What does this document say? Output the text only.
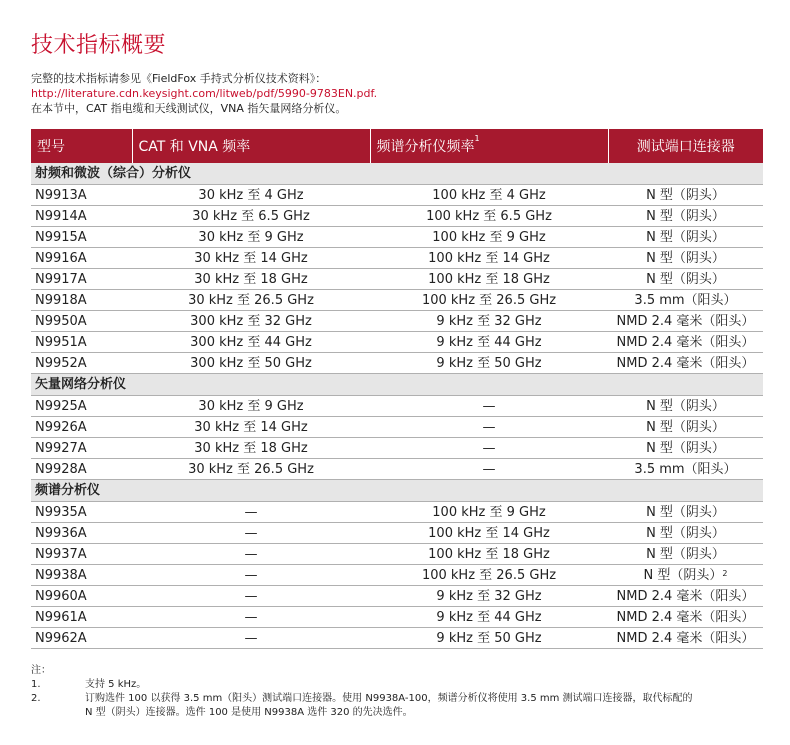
技术指标概要
完整的技术指标请参见《FieldFox 手持式分析仪技术资料》：
http://literature.cdn.keysight.com/litweb/pdf/5990-9783EN.pdf.
在本节中，CAT 指电缆和天线测试仪，VNA 指矢量网络分析仪。
型号	CAT 和 VNA 频率	频谱分析仪频率$^1$	测试端口连接器
射频和微波（综合）分析仪			
N9913A	30 kHz 至 4 GHz	100 kHz 至 4 GHz	N 型（阴头）
N9914A	30 kHz 至 6.5 GHz	100 kHz 至 6.5 GHz	N 型（阴头）
N9915A	30 kHz 至 9 GHz	100 kHz 至 9 GHz	N 型（阴头）
N9916A	30 kHz 至 14 GHz	100 kHz 至 14 GHz	N 型（阴头）
N9917A	30 kHz 至 18 GHz	100 kHz 至 18 GHz	N 型（阴头）
N9918A	30 kHz 至 26.5 GHz	100 kHz 至 26.5 GHz	3.5 mm（阳头）
N9950A	300 kHz 至 32 GHz	9 kHz 至 32 GHz	NMD 2.4 毫米（阳头）
N9951A	300 kHz 至 44 GHz	9 kHz 至 44 GHz	NMD 2.4 毫米（阳头）
N9952A	300 kHz 至 50 GHz	9 kHz 至 50 GHz	NMD 2.4 毫米（阳头）
矢量网络分析仪			
N9925A	30 kHz 至 9 GHz	—	N 型（阴头）
N9926A	30 kHz 至 14 GHz	—	N 型（阴头）
N9927A	30 kHz 至 18 GHz	—	N 型（阴头）
N9928A	30 kHz 至 26.5 GHz	—	3.5 mm（阳头）
频谱分析仪			
N9935A	—	100 kHz 至 9 GHz	N 型（阴头）
N9936A	—	100 kHz 至 14 GHz	N 型（阴头）
N9937A	—	100 kHz 至 18 GHz	N 型（阴头）
N9938A	—	100 kHz 至 26.5 GHz	N 型（阴头）$^2$
N9960A	—	9 kHz 至 32 GHz	NMD 2.4 毫米（阳头）
N9961A	—	9 kHz 至 44 GHz	NMD 2.4 毫米（阳头）
N9962A	—	9 kHz 至 50 GHz	NMD 2.4 毫米（阳头）
注：
1.	支持 5 kHz。
2.	订购选件 100 以获得 3.5 mm（阳头）测试端口连接器。使用 N9938A-100，频谱分析仪将使用 3.5 mm 测试端口连接器，取代标配的
N 型（阴头）连接器。选件 100 是使用 N9938A 选件 320 的先决选件。
